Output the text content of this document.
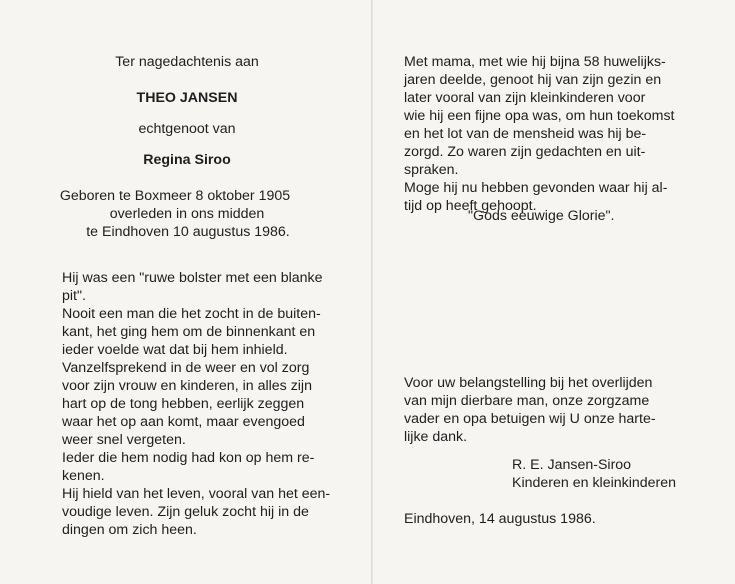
Ter nagedachtenis aan
THEO JANSEN
echtgenoot van
Regina Siroo
Geboren te Boxmeer 8 oktober 1905
overleden in ons midden
te Eindhoven 10 augustus 1986.
Hij was een "ruwe bolster met een blanke
pit".
Nooit een man die het zocht in de buiten-
kant, het ging hem om de binnenkant en
ieder voelde wat dat bij hem inhield.
Vanzelfsprekend in de weer en vol zorg
voor zijn vrouw en kinderen, in alles zijn
hart op de tong hebben, eerlijk zeggen
waar het op aan komt, maar evengoed
weer snel vergeten.
Ieder die hem nodig had kon op hem re-
kenen.
Hij hield van het leven, vooral van het een-
voudige leven. Zijn geluk zocht hij in de
dingen om zich heen.
Met mama, met wie hij bijna 58 huwelijks-
jaren deelde, genoot hij van zijn gezin en
later vooral van zijn kleinkinderen voor
wie hij een fijne opa was, om hun toekomst
en het lot van de mensheid was hij be-
zorgd. Zo waren zijn gedachten en uit-
spraken.
Moge hij nu hebben gevonden waar hij al-
tijd op heeft gehoopt.
"Gods eeuwige Glorie".
Voor uw belangstelling bij het overlijden
van mijn dierbare man, onze zorgzame
vader en opa betuigen wij U onze harte-
lijke dank.
R. E. Jansen-Siroo
Kinderen en kleinkinderen
Eindhoven, 14 augustus 1986.
